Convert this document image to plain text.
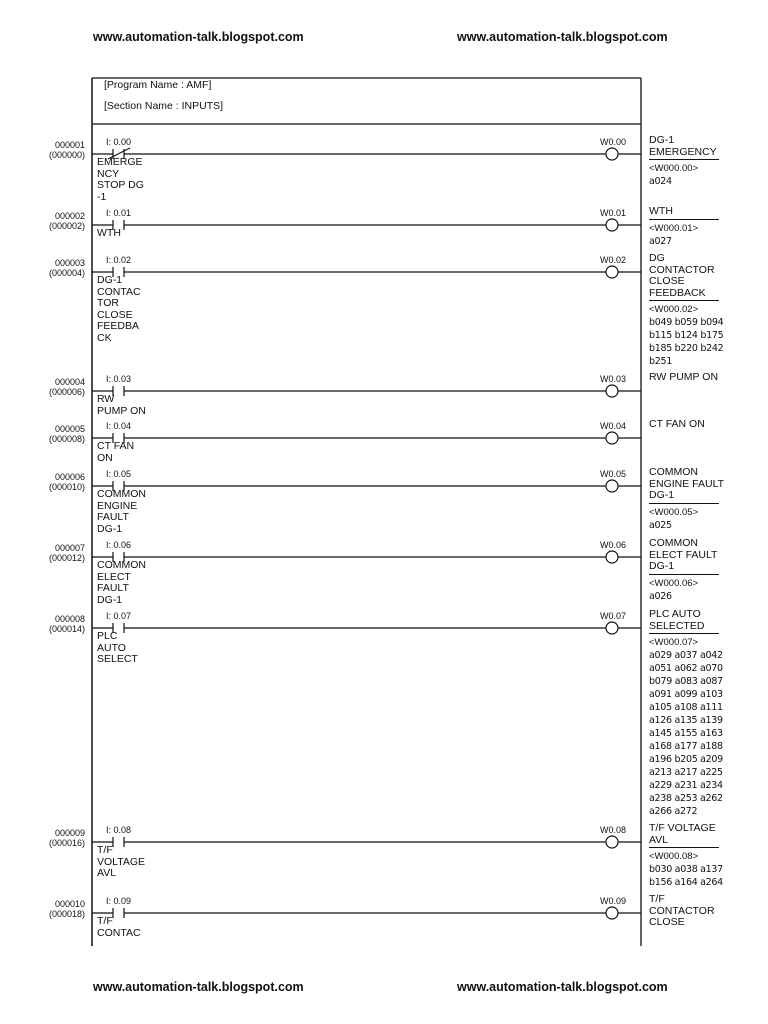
www.automation-talk.blogspot.com	www.automation-talk.blogspot.com
www.automation-talk.blogspot.com	www.automation-talk.blogspot.com
[Program Name : AMF]
[Section Name : INPUTS]
000001
(000000)
I: 0.00
EMERGE
NCY
STOP DG
-1
W0.00 DG-1
EMERGENCY
<W000.00>
a024
000002
(000002)
I: 0.01
WTH
W0.01 WTH
<W000.01>
a027
000003
(000004)
I: 0.02
DG-1
CONTAC
TOR
CLOSE
FEEDBA
CK
W0.02 DG
CONTACTOR
CLOSE
FEEDBACK
<W000.02>
b049 b059 b094
b115 b124 b175
b185 b220 b242
b251
000004
(000006)
I: 0.03
RW
PUMP ON
W0.03 RW PUMP ON
000005
(000008)
I: 0.04
CT FAN
ON
W0.04 CT FAN ON
000006
(000010)
I: 0.05
COMMON
ENGINE
FAULT
DG-1
W0.05 COMMON
ENGINE FAULT
DG-1
<W000.05>
a025
000007
(000012)
I: 0.06
COMMON
ELECT
FAULT
DG-1
W0.06 COMMON
ELECT FAULT
DG-1
<W000.06>
a026
000008
(000014)
I: 0.07
PLC
AUTO
SELECT
W0.07 PLC AUTO
SELECTED
<W000.07>
a029 a037 a042
a051 a062 a070
b079 a083 a087
a091 a099 a103
a105 a108 a111
a126 a135 a139
a145 a155 a163
a168 a177 a188
a196 b205 a209
a213 a217 a225
a229 a231 a234
a238 a253 a262
a266 a272
000009
(000016)
I: 0.08
T/F
VOLTAGE
AVL
W0.08 T/F VOLTAGE
AVL
<W000.08>
b030 a038 a137
b156 a164 a264
000010
(000018)
I: 0.09
T/F
CONTAC
W0.09 T/F
CONTACTOR
CLOSE
